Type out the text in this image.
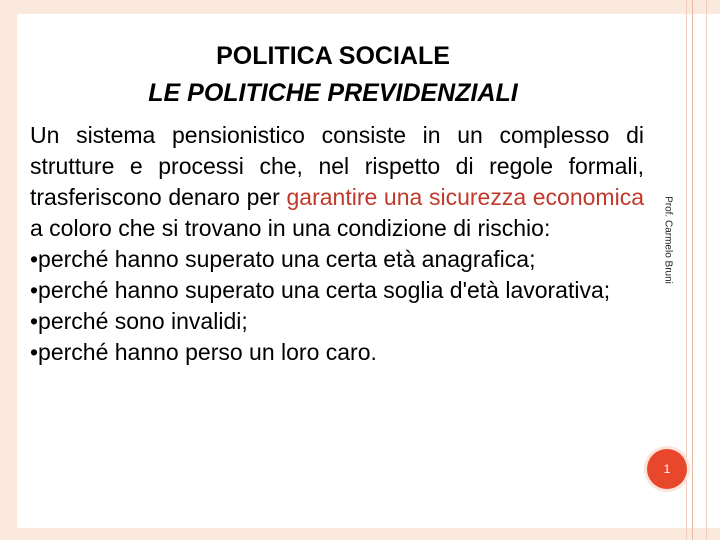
POLITICA SOCIALE
LE POLITICHE PREVIDENZIALI
Un sistema pensionistico consiste in un complesso di strutture e processi che, nel rispetto di regole formali, trasferiscono denaro per garantire una sicurezza economica a coloro che si trovano in una condizione di rischio:
•perché hanno superato una certa età anagrafica;
•perché hanno superato una certa soglia d'età lavorativa;
•perché sono invalidi;
•perché hanno perso un loro caro.
Prof. Carmelo Bruni
1
